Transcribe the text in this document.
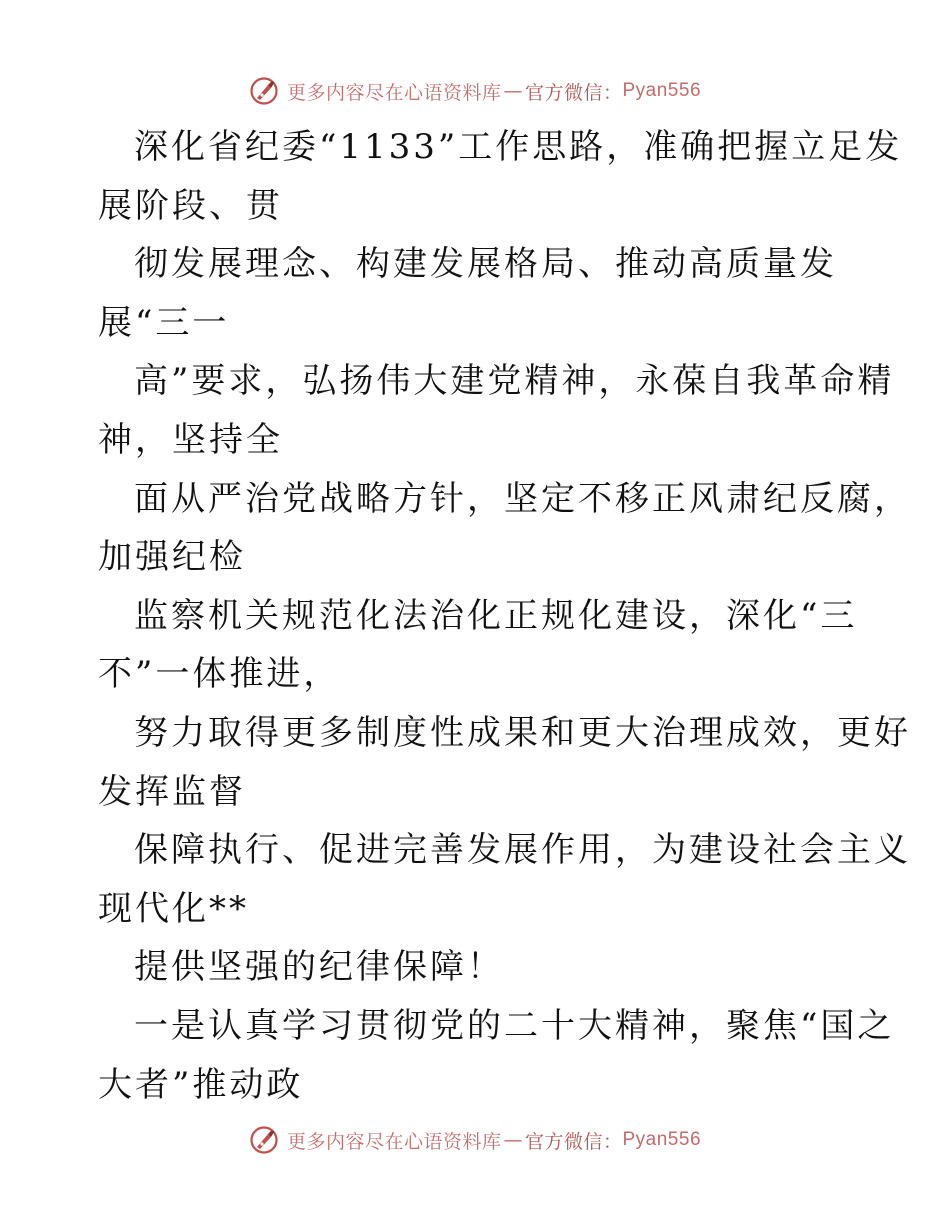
更多内容尽在心语资料库 — 官方微信： Pyan556
深化省纪委“1133”工作思路，准确把握立足发
展阶段、贯
彻发展理念、构建发展格局、推动高质量发
展“三一
高”要求，弘扬伟大建党精神，永葆自我革命精
神，坚持全
面从严治党战略方针，坚定不移正风肃纪反腐，
加强纪检
监察机关规范化法治化正规化建设，深化“三
不”一体推进，
努力取得更多制度性成果和更大治理成效，更好
发挥监督
保障执行、促进完善发展作用，为建设社会主义
现代化**
提供坚强的纪律保障！
一是认真学习贯彻党的二十大精神，聚焦“国之
大者”推动政
更多内容尽在心语资料库 — 官方微信： Pyan556
